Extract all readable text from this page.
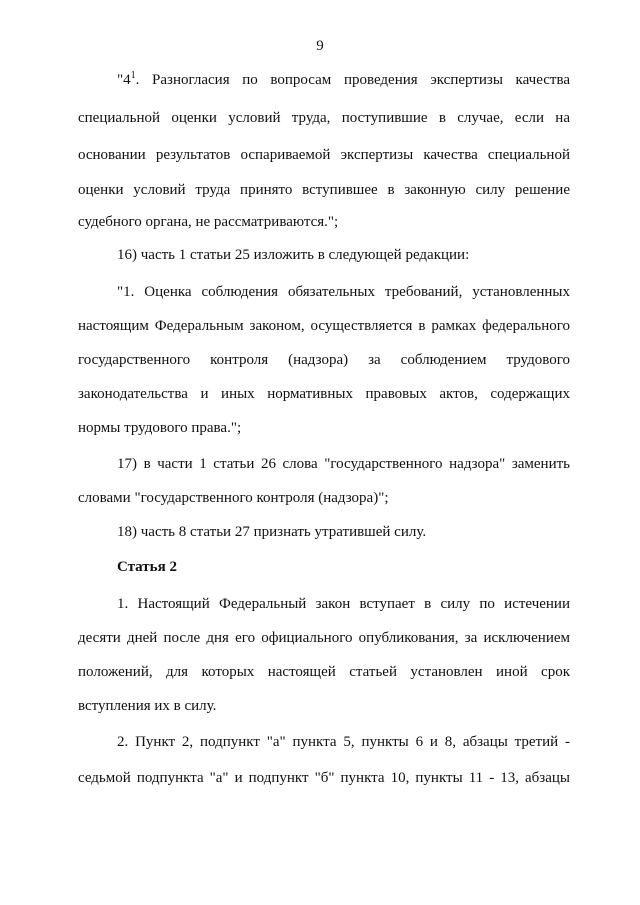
9
"$4^1$. Разногласия по вопросам проведения экспертизы качества
специальной оценки условий труда, поступившие в случае, если на
основании результатов оспариваемой экспертизы качества специальной
оценки условий труда принято вступившее в законную силу решение
судебного органа, не рассматриваются.";
16) часть 1 статьи 25 изложить в следующей редакции:
"1. Оценка соблюдения обязательных требований, установленных
настоящим Федеральным законом, осуществляется в рамках федерального
государственного контроля (надзора) за соблюдением трудового
законодательства и иных нормативных правовых актов, содержащих
нормы трудового права.";
17) в части 1 статьи 26 слова "государственного надзора" заменить
словами "государственного контроля (надзора)";
18) часть 8 статьи 27 признать утратившей силу.
Статья 2
1. Настоящий Федеральный закон вступает в силу по истечении
десяти дней после дня его официального опубликования, за исключением
положений, для которых настоящей статьей установлен иной срок
вступления их в силу.
2. Пункт 2, подпункт "а" пункта 5, пункты 6 и 8, абзацы третий -
седьмой подпункта "а" и подпункт "б" пункта 10, пункты 11 - 13, абзацы
